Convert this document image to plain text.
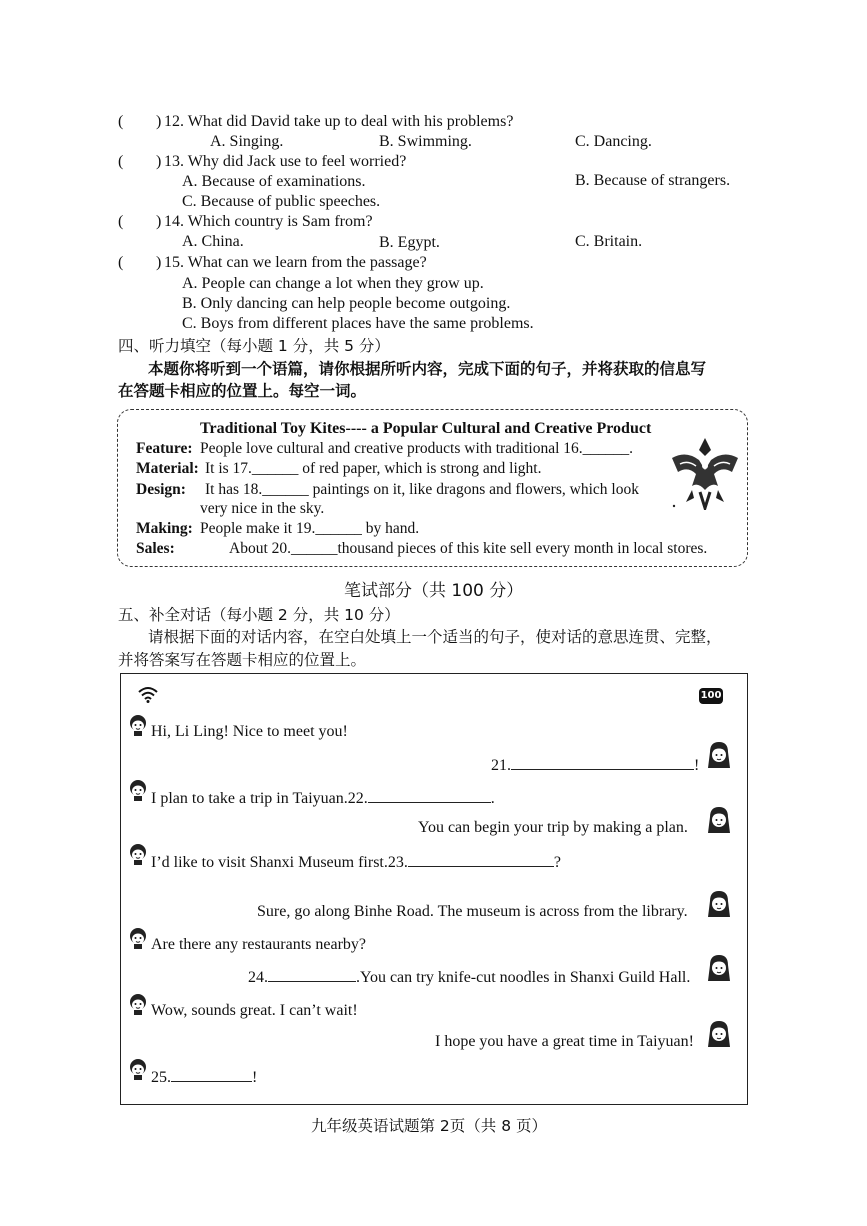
( ) 12. What did David take up to deal with his problems?
A. Singing.	B. Swimming.	C. Dancing.
( ) 13. Why did Jack use to feel worried?
A. Because of examinations.	B. Because of strangers.
C. Because of public speeches.
( ) 14. Which country is Sam from?
A. China.	B. Egypt.	C. Britain.
( ) 15. What can we learn from the passage?
A. People can change a lot when they grow up.
B. Only dancing can help people become outgoing.
C. Boys from different places have the same problems.
四、听力填空（每小题 1 分，共 5 分）
本题你将听到一个语篇，请你根据所听内容，完成下面的句子，并将获取的信息写
在答题卡相应的位置上。每空一词。
Traditional Toy Kites---- a Popular Cultural and Creative Product
Feature: People love cultural and creative products with traditional 16.______.
Material: It is 17.______ of red paper, which is strong and light.
Design: It has 18.______ paintings on it, like dragons and flowers, which look
very nice in the sky.
Making: People make it 19.______ by hand.
Sales:	About 20.______thousand pieces of this kite sell every month in local stores.
笔试部分（共 100 分）
五、补全对话（每小题 2 分，共 10 分）
请根据下面的对话内容，在空白处填上一个适当的句子，使对话的意思连贯、完整，
并将答案写在答题卡相应的位置上。
100
Hi, Li Ling! Nice to meet you!
21.	!
I plan to take a trip in Taiyuan.22.	.
You can begin your trip by making a plan.
I’d like to visit Shanxi Museum first.23.	?
Sure, go along Binhe Road. The museum is across from the library.
Are there any restaurants nearby?
24.	.You can try knife-cut noodles in Shanxi Guild Hall.
Wow, sounds great. I can’t wait!
I hope you have a great time in Taiyuan!
25.	!
九年级英语试题第 2页（共 8 页）
